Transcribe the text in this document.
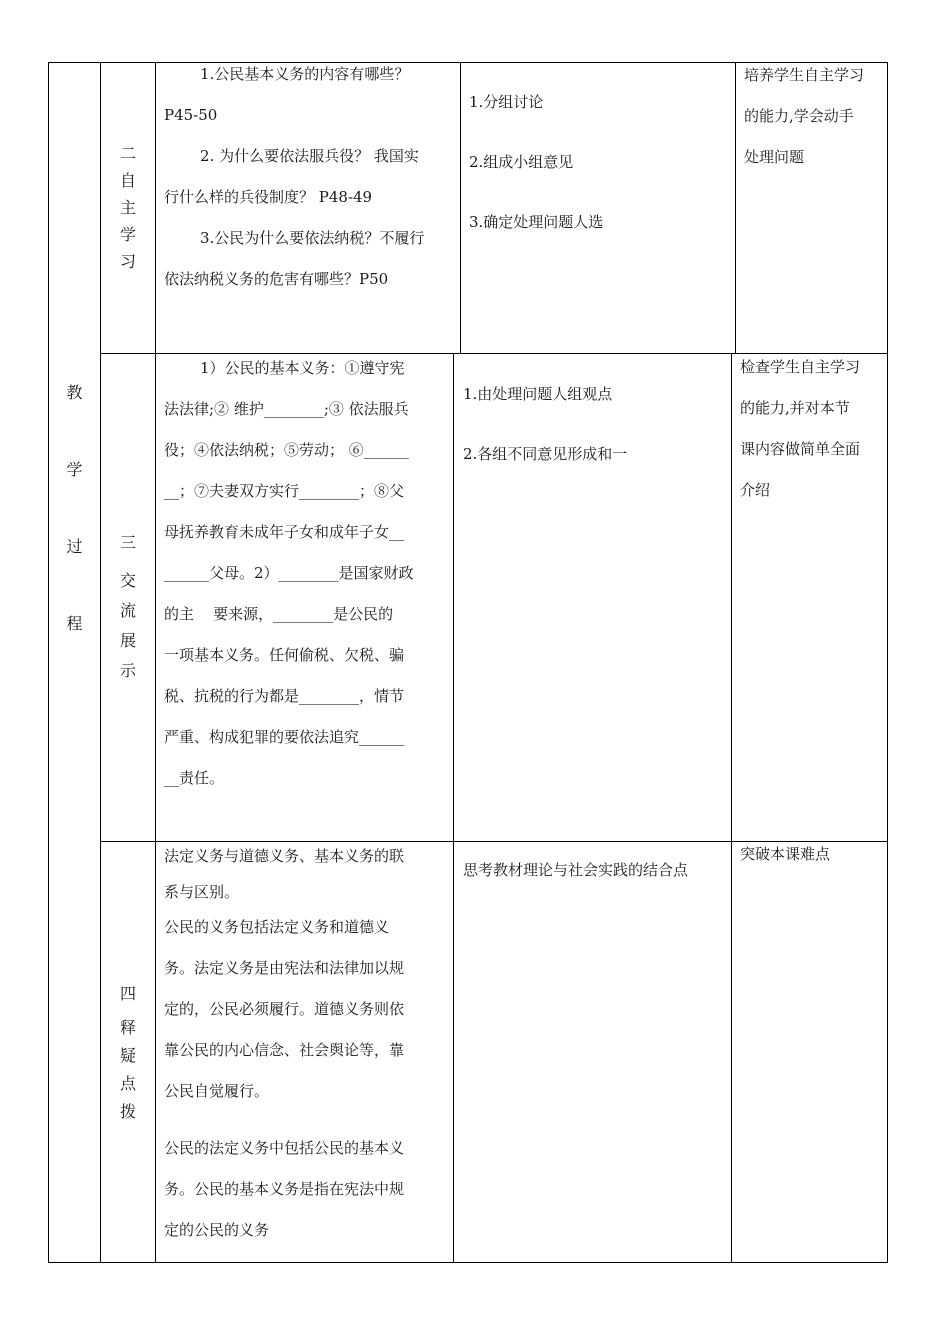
教
学
过
程
二
自
主
学
习

1.公民基本义务的内容有哪些？

P45-50

2. 为什么要依法服兵役？ 我国实

行什么样的兵役制度？ P48-49

3.公民为什么要依法纳税？不履行

依法纳税义务的危害有哪些？P50

1.分组讨论

2.组成小组意见

3.确定处理问题人选

培养学生自主学习

的能力,学会动手

处理问题

三
交
流
展
示

1）公民的基本义务：①遵守宪

法法律;② 维护________;③ 依法服兵

役；④依法纳税；⑤劳动； ⑥______

__；⑦夫妻双方实行________；⑧父

母抚养教育未成年子女和成年子女__

______父母。2）________是国家财政

的主    要来源，________是公民的

一项基本义务。任何偷税、欠税、骗

税、抗税的行为都是________，情节

严重、构成犯罪的要依法追究______

__责任。

1.由处理问题人组观点

2.各组不同意见形成和一

检查学生自主学习

的能力,并对本节

课内容做简单全面

介绍

四
释
疑
点
拨

法定义务与道德义务、基本义务的联

系与区别。

公民的义务包括法定义务和道德义

务。法定义务是由宪法和法律加以规

定的，公民必须履行。道德义务则依

靠公民的内心信念、社会舆论等，靠

公民自觉履行。

公民的法定义务中包括公民的基本义

务。公民的基本义务是指在宪法中规

定的公民的义务

思考教材理论与社会实践的结合点

突破本课难点
